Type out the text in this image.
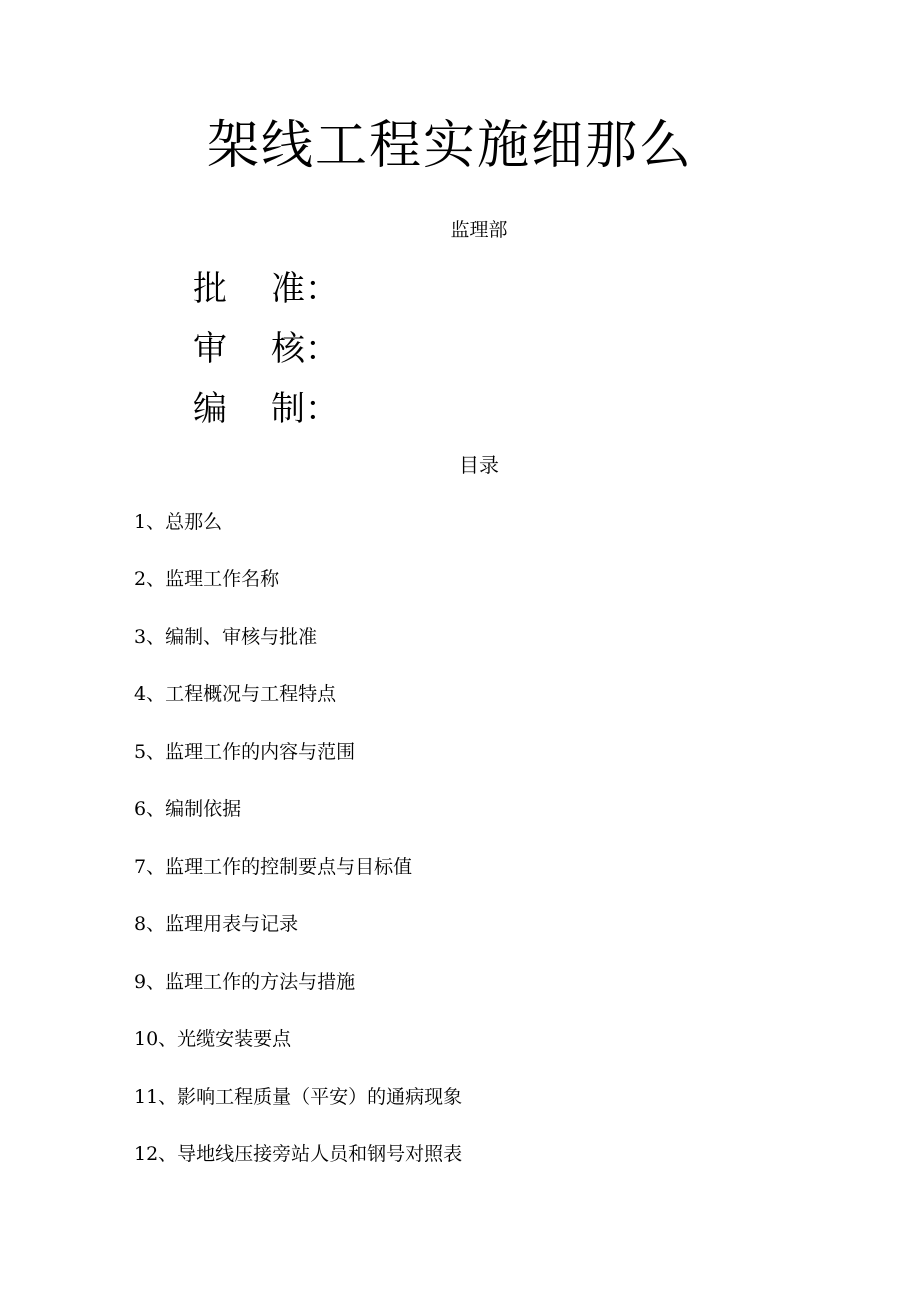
架线工程实施细那么
监理部
批 准：
审 核：
编 制：
目录
1、总那么
2、监理工作名称
3、编制、审核与批准
4、工程概况与工程特点
5、监理工作的内容与范围
6、编制依据
7、监理工作的控制要点与目标值
8、监理用表与记录
9、监理工作的方法与措施
10、光缆安装要点
11、影响工程质量（平安）的通病现象
12、导地线压接旁站人员和钢号对照表
